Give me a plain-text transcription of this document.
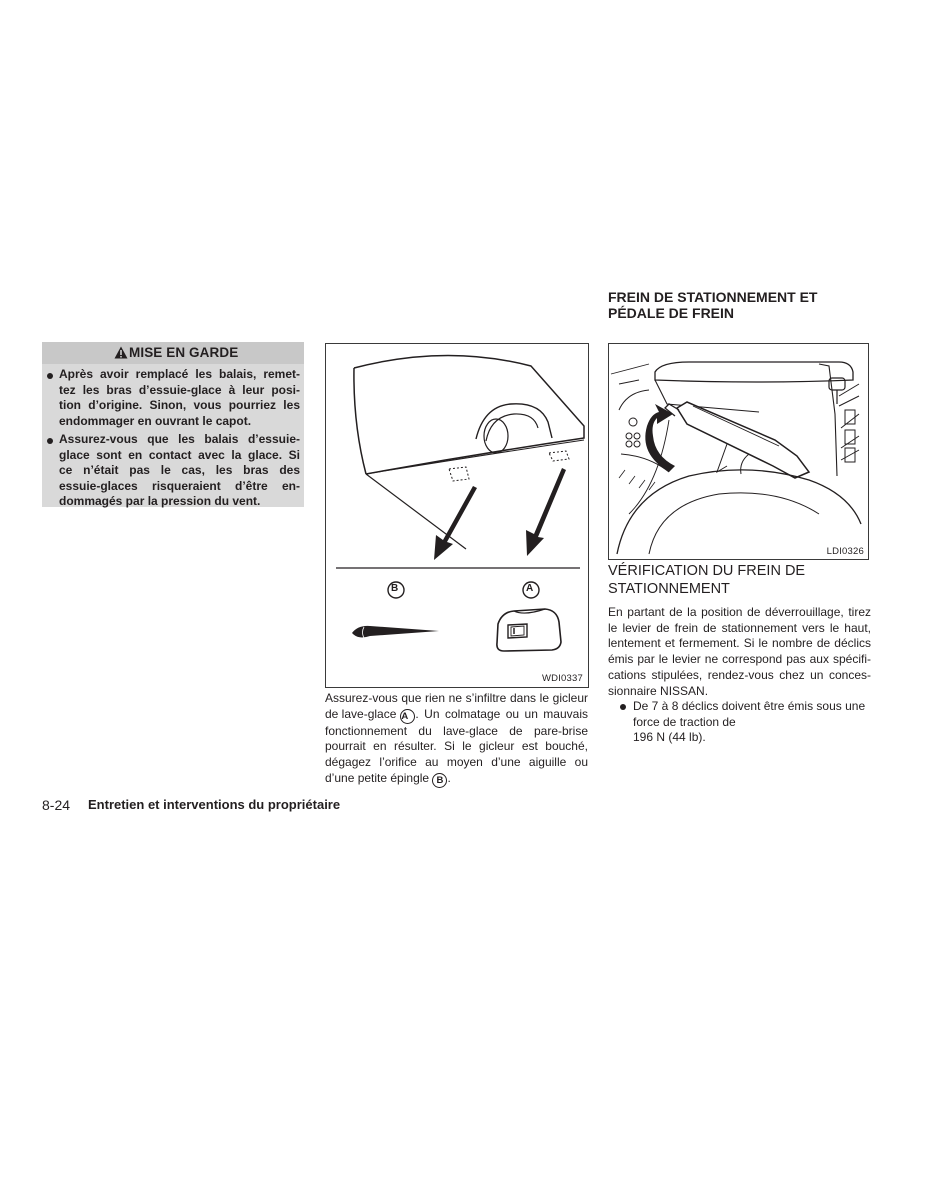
MISE EN GARDE
Après avoir remplacé les balais, remet-
tez les bras d’essuie-glace à leur posi-
tion d’origine. Sinon, vous pourriez les
endommager en ouvrant le capot.
Assurez-vous que les balais d’essuie-
glace sont en contact avec la glace. Si
ce n’était pas le cas, les bras des
essuie-glaces risqueraient d’être en-
dommagés par la pression du vent.
B	A
WDI0337
Assurez-vous que rien ne s’infiltre dans le gicleur
de lave-glace A . Un colmatage ou un mauvais
fonctionnement du lave-glace de pare-brise
pourrait en résulter. Si le gicleur est bouché,
dégagez l’orifice au moyen d’une aiguille ou
d’une petite épingle B .
FREIN DE STATIONNEMENT ET
PÉDALE DE FREIN
LDI0326
VÉRIFICATION DU FREIN DE
STATIONNEMENT
En partant de la position de déverrouillage, tirez
le levier de frein de stationnement vers le haut,
lentement et fermement. Si le nombre de déclics
émis par le levier ne correspond pas aux spécifi-
cations stipulées, rendez-vous chez un conces-
sionnaire NISSAN.
De 7 à 8 déclics doivent être émis sous une
force de traction de
196 N (44 lb).
8-24 Entretien et interventions du propriétaire
